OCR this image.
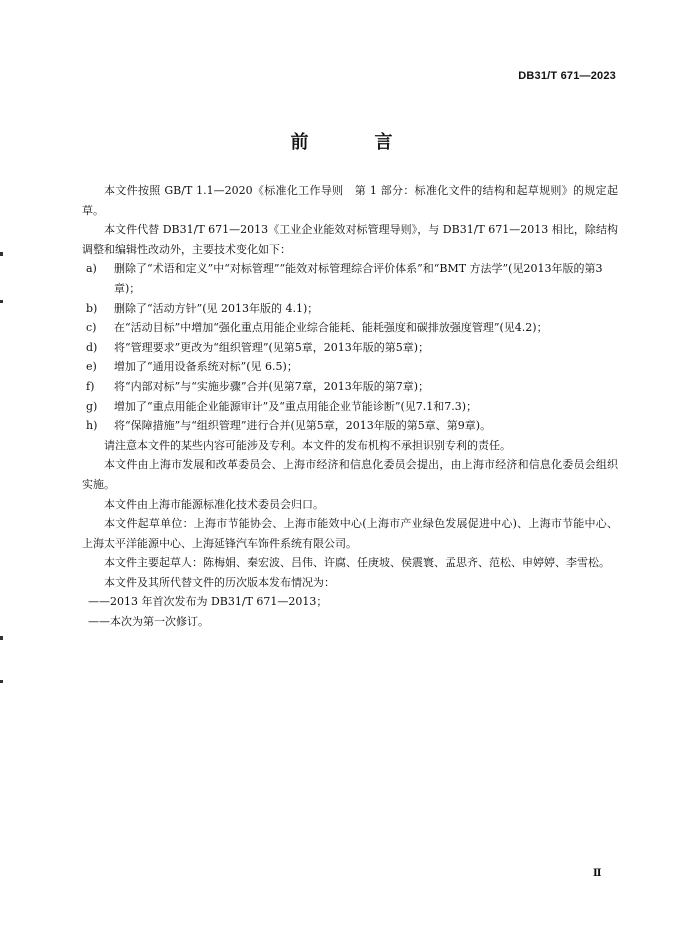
DB31/T 671—2023
前　言

本文件按照 GB/T 1.1—2020《标准化工作导则　第 1 部分：标准化文件的结构和起草规则》的规定起草。

本文件代替 DB31/T 671—2013《工业企业能效对标管理导则》，与 DB31/T 671—2013 相比，除结构调整和编辑性改动外，主要技术变化如下：

a) 删除了“术语和定义”中“对标管理”“能效对标管理综合评价体系”和“BMT 方法学”(见2013年版的第3章)；
b) 删除了“活动方针”(见 2013年版的 4.1)；
c) 在“活动目标”中增加“强化重点用能企业综合能耗、能耗强度和碳排放强度管理”(见4.2)；
d) 将“管理要求”更改为“组织管理”(见第5章，2013年版的第5章)；
e) 增加了“通用设备系统对标”(见 6.5)；
f) 将“内部对标”与“实施步骤”合并(见第7章，2013年版的第7章)；
g) 增加了“重点用能企业能源审计”及“重点用能企业节能诊断”(见7.1和7.3)；
h) 将“保障措施”与“组织管理”进行合并(见第5章，2013年版的第5章、第9章)。

请注意本文件的某些内容可能涉及专利。本文件的发布机构不承担识别专利的责任。

本文件由上海市发展和改革委员会、上海市经济和信息化委员会提出，由上海市经济和信息化委员会组织实施。

本文件由上海市能源标准化技术委员会归口。

本文件起草单位：上海市节能协会、上海市能效中心(上海市产业绿色发展促进中心)、上海市节能中心、上海太平洋能源中心、上海延锋汽车饰件系统有限公司。

本文件主要起草人：陈梅娟、秦宏波、吕伟、许腐、任庚坡、侯震寰、孟思齐、范松、申婷婷、李雪松。

本文件及其所代替文件的历次版本发布情况为：

——2013 年首次发布为 DB31/T 671—2013；

——本次为第一次修订。

Ⅱ
